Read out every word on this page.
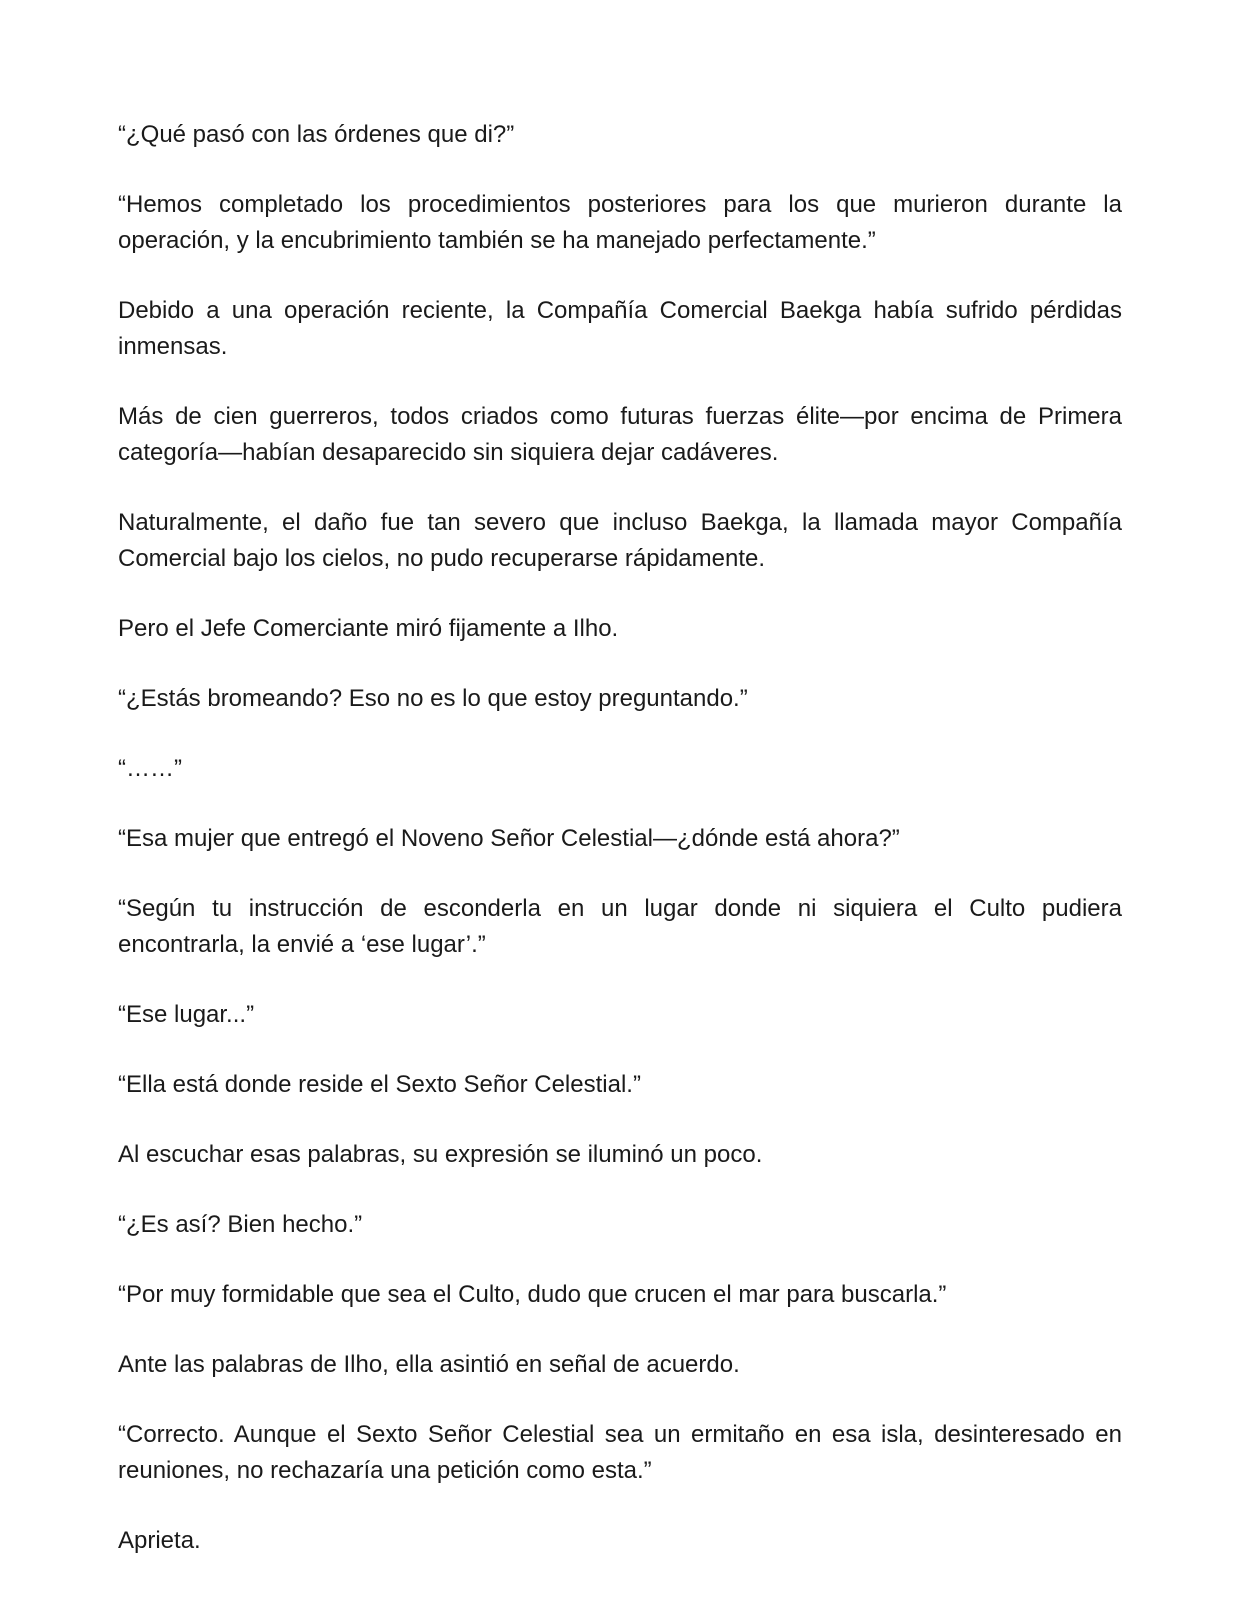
“¿Qué pasó con las órdenes que di?”

“Hemos completado los procedimientos posteriores para los que murieron durante la operación, y la encubrimiento también se ha manejado perfectamente.”

Debido a una operación reciente, la Compañía Comercial Baekga había sufrido pérdidas inmensas.

Más de cien guerreros, todos criados como futuras fuerzas élite—por encima de Primera categoría—habían desaparecido sin siquiera dejar cadáveres.

Naturalmente, el daño fue tan severo que incluso Baekga, la llamada mayor Compañía Comercial bajo los cielos, no pudo recuperarse rápidamente.

Pero el Jefe Comerciante miró fijamente a Ilho.

“¿Estás bromeando? Eso no es lo que estoy preguntando.”

“……”

“Esa mujer que entregó el Noveno Señor Celestial—¿dónde está ahora?”

“Según tu instrucción de esconderla en un lugar donde ni siquiera el Culto pudiera encontrarla, la envié a ‘ese lugar’.”

“Ese lugar...”

“Ella está donde reside el Sexto Señor Celestial.”

Al escuchar esas palabras, su expresión se iluminó un poco.

“¿Es así? Bien hecho.”

“Por muy formidable que sea el Culto, dudo que crucen el mar para buscarla.”

Ante las palabras de Ilho, ella asintió en señal de acuerdo.

“Correcto. Aunque el Sexto Señor Celestial sea un ermitaño en esa isla, desinteresado en reuniones, no rechazaría una petición como esta.”

Aprieta.
